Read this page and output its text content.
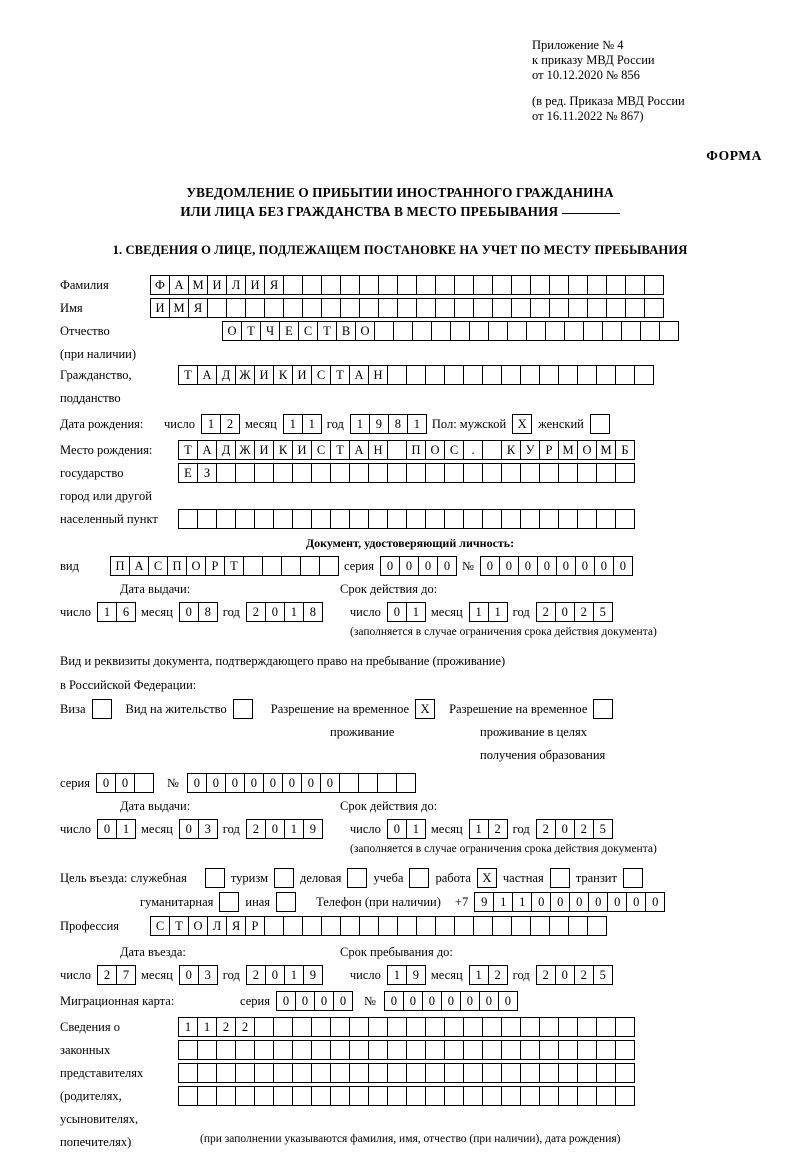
Приложение № 4
к приказу МВД России
от 10.12.2020 № 856
(в ред. Приказа МВД России
от 16.11.2022 № 867)
ФОРМА
УВЕДОМЛЕНИЕ О ПРИБЫТИИ ИНОСТРАННОГО ГРАЖДАНИНА
ИЛИ ЛИЦА БЕЗ ГРАЖДАНСТВА В МЕСТО ПРЕБЫВАНИЯ
1. СВЕДЕНИЯ О ЛИЦЕ, ПОДЛЕЖАЩЕМ ПОСТАНОВКЕ НА УЧЕТ ПО МЕСТУ ПРЕБЫВАНИЯ
Фамилия	Ф А М И Л И Я
Имя	И М Я
Отчество	О Т Ч Е С Т В О
(при наличии)
Гражданство,	Т А Д Ж И К И С Т А Н
подданство
Дата рождения:	число	1	2 месяц	1	1 год	1	9	8	1 Пол: мужской X женский
Место рождения:	Т А Д Ж И К И С Т А Н	П О С	.	К У Р М О М Б
государство	Е З
город или другой
населенный пункт
Документ, удостоверяющий личность:
вид	П А С П О Р Т	серия	0	0	0	0 №	0	0	0	0	0	0	0	0
Дата выдачи:	Срок действия до:
число	1	6 месяц	0	8 год	2	0	1	8	число	0	1 месяц	1	1 год	2	0	2	5
(заполняется в случае ограничения срока действия документа)
Вид и реквизиты документа, подтверждающего право на пребывание (проживание)
в Российской Федерации:
Виза	Вид на жительство	Разрешение на временное X	Разрешение на временное
проживание	проживание в целях
получения образования
серия	0	0	№	0	0	0	0	0	0	0	0
Дата выдачи:	Срок действия до:
число	0	1 месяц	0	3 год	2	0	1	9	число	0	1 месяц	1	2 год	2	0	2	5
(заполняется в случае ограничения срока действия документа)
Цель въезда: служебная	туризм	деловая	учеба	работа X частная	транзит
гуманитарная	иная	Телефон (при наличии) +7	9	1	1	0	0	0	0	0	0	0
Профессия	С Т О Л Я Р
Дата въезда:	Срок пребывания до:
число	2	7 месяц	0	3 год	2	0	1	9	число	1	9 месяц	1	2 год	2	0	2	5
Миграционная карта:	серия	0	0	0	0	№	0	0	0	0	0	0	0
Сведения о	1	1	2	2
законных
представителях
(родителях,
усыновителях,
попечителях)	(при заполнении указываются фамилия, имя, отчество (при наличии), дата рождения)
